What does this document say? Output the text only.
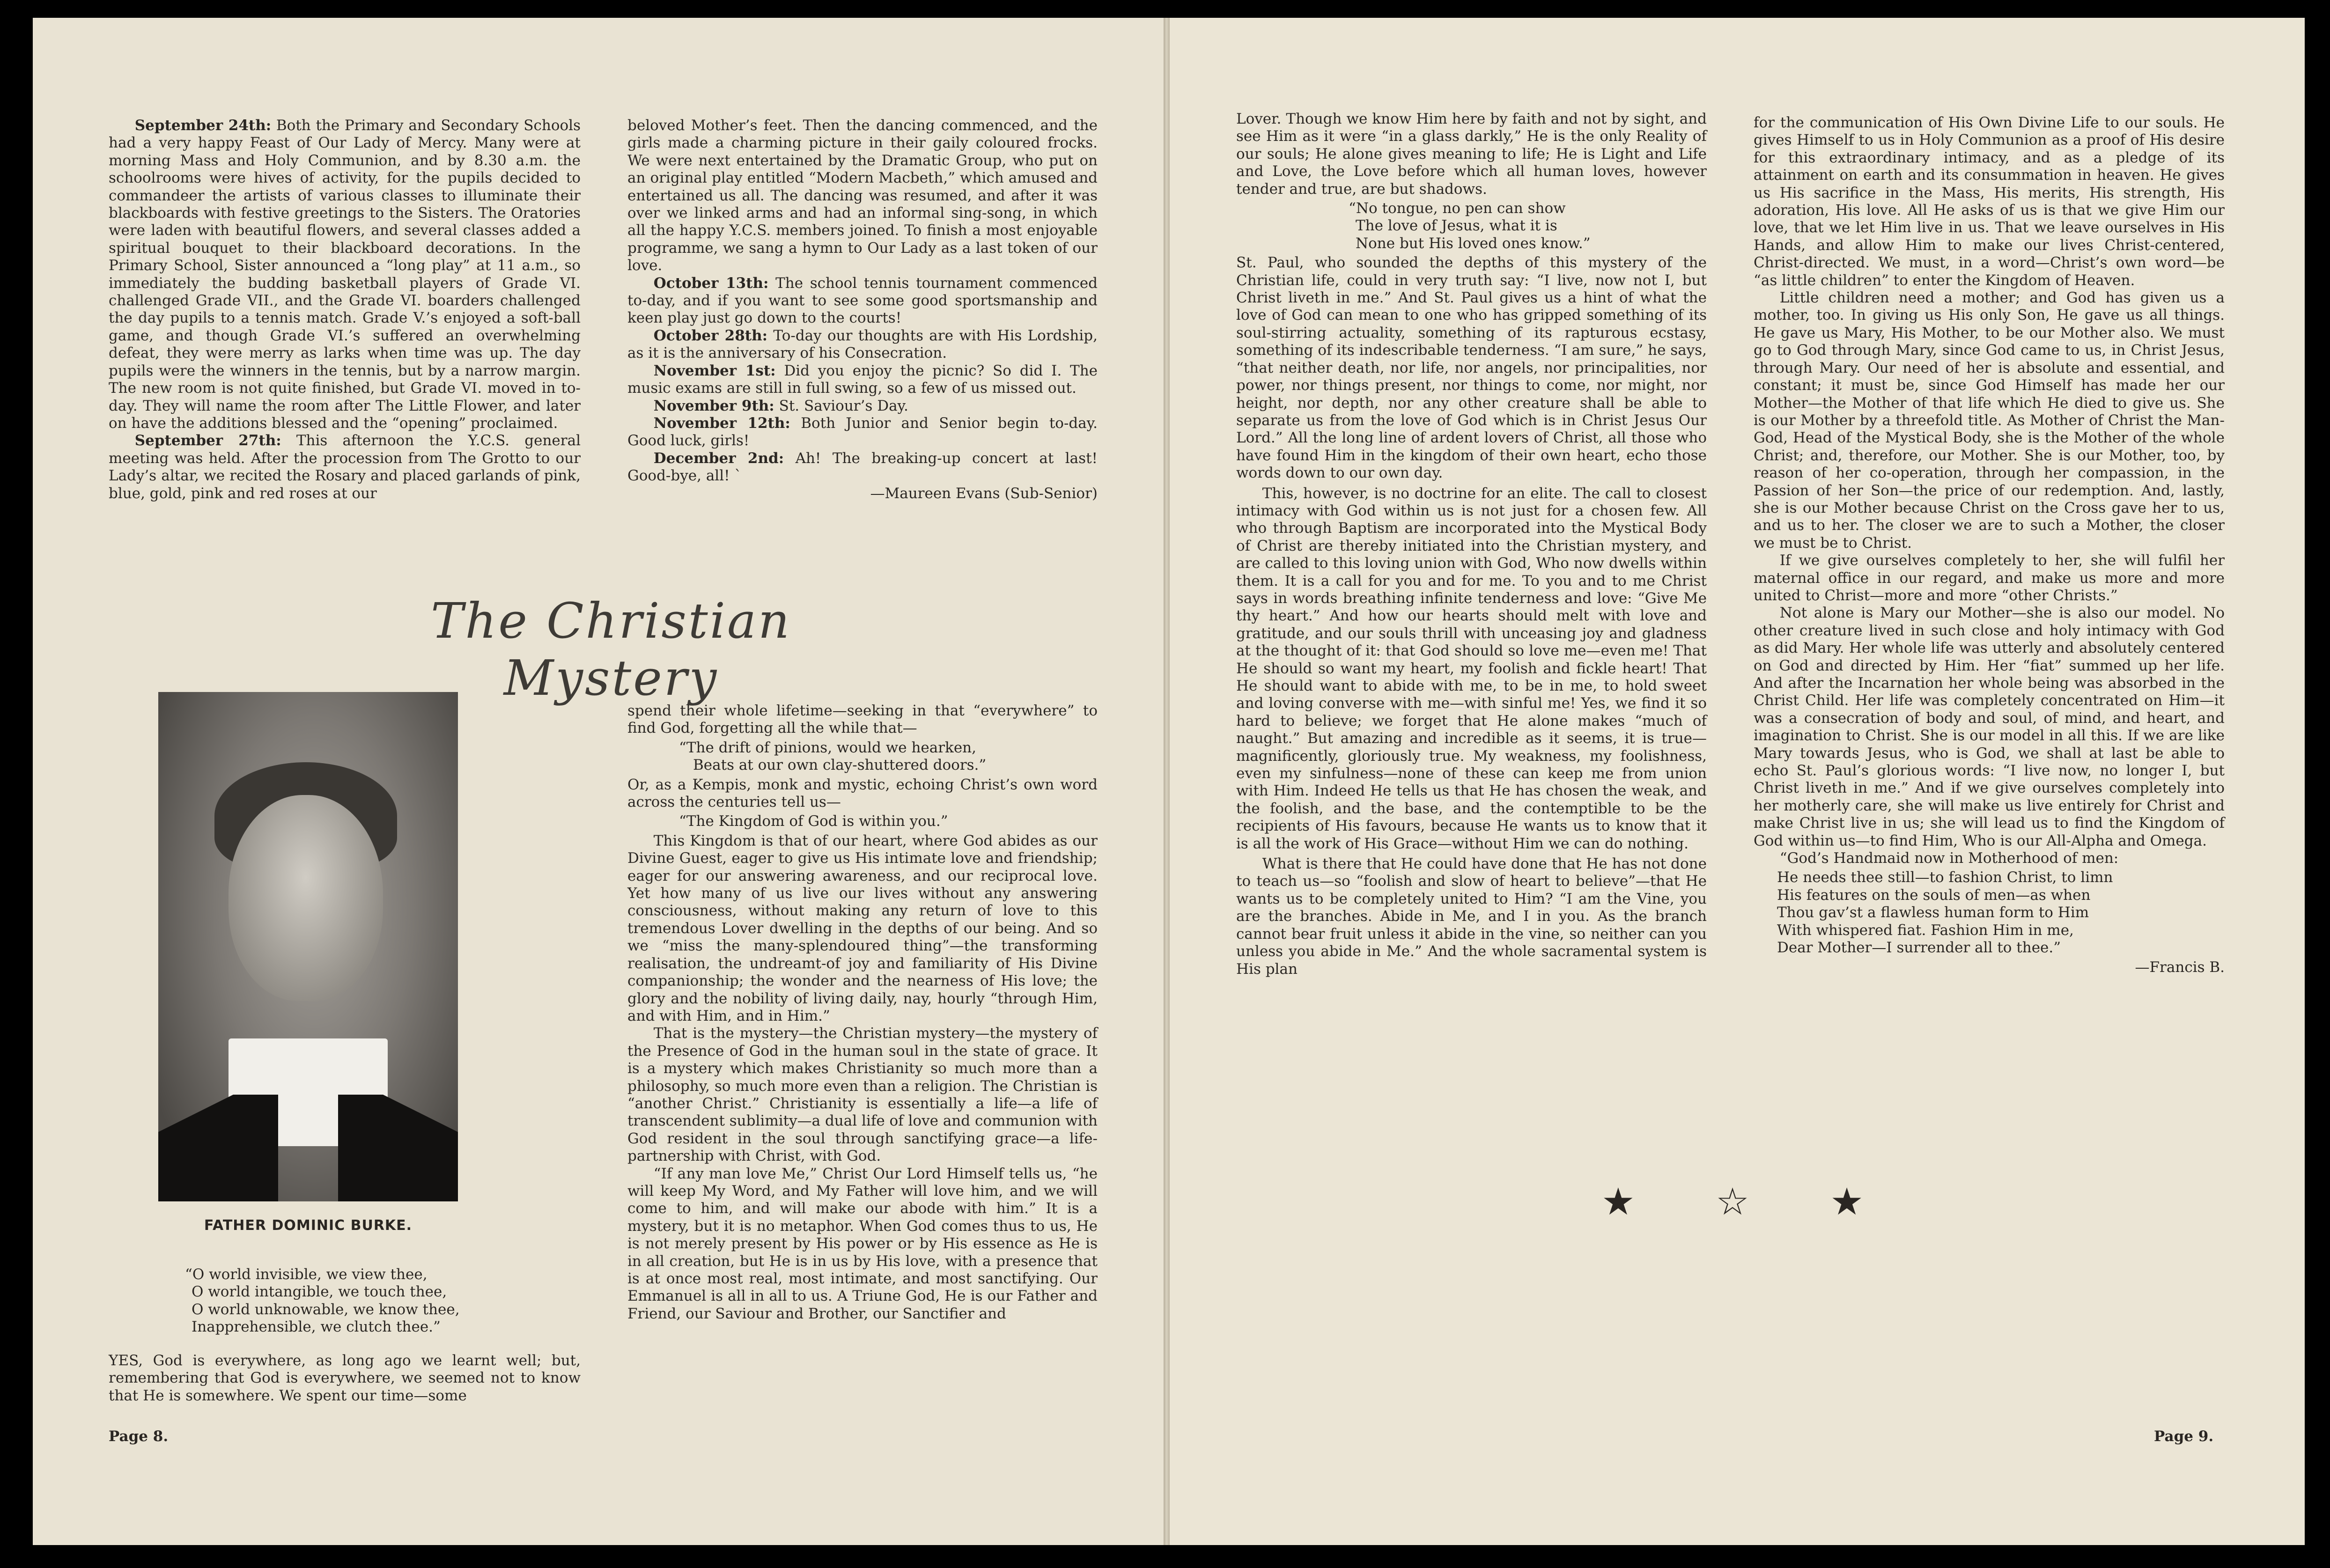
September 24th: Both the Primary and Secondary Schools had a very happy Feast of Our Lady of Mercy. Many were at morning Mass and Holy Communion, and by 8.30 a.m. the schoolrooms were hives of activity, for the pupils decided to commandeer the artists of various classes to illuminate their blackboards with festive greetings to the Sisters. The Oratories were laden with beautiful flowers, and several classes added a spiritual bouquet to their blackboard decorations. In the Primary School, Sister announced a “long play” at 11 a.m., so immediately the budding basketball players of Grade VI. challenged Grade VII., and the Grade VI. boarders challenged the day pupils to a tennis match. Grade V.’s enjoyed a soft-ball game, and though Grade VI.’s suffered an overwhelming defeat, they were merry as larks when time was up. The day pupils were the winners in the tennis, but by a narrow margin. The new room is not quite finished, but Grade VI. moved in to-day. They will name the room after The Little Flower, and later on have the additions blessed and the “opening” proclaimed.

September 27th: This afternoon the Y.C.S. general meeting was held. After the procession from The Grotto to our Lady’s altar, we recited the Rosary and placed garlands of pink, blue, gold, pink and red roses at our

beloved Mother’s feet. Then the dancing commenced, and the girls made a charming picture in their gaily coloured frocks. We were next entertained by the Dramatic Group, who put on an original play entitled “Modern Macbeth,” which amused and entertained us all. The dancing was resumed, and after it was over we linked arms and had an informal sing-song, in which all the happy Y.C.S. members joined. To finish a most enjoyable programme, we sang a hymn to Our Lady as a last token of our love.

October 13th: The school tennis tournament commenced to-day, and if you want to see some good sportsmanship and keen play just go down to the courts!

October 28th: To-day our thoughts are with His Lordship, as it is the anniversary of his Consecration.

November 1st: Did you enjoy the picnic? So did I. The music exams are still in full swing, so a few of us missed out.

November 9th: St. Saviour’s Day.

November 12th: Both Junior and Senior begin to-day. Good luck, girls!

December 2nd: Ah! The breaking-up concert at last! Good-bye, all! `

—Maureen Evans (Sub-Senior)

The Christian Mystery
FATHER DOMINIC BURKE.
“O world invisible, we view thee,
O world intangible, we touch thee,
O world unknowable, we know thee,
Inapprehensible, we clutch thee.”

YES, God is everywhere, as long ago we learnt well; but, remembering that God is everywhere, we seemed not to know that He is somewhere. We spent our time—some

spend their whole lifetime—seeking in that “everywhere” to find God, forgetting all the while that—

“The drift of pinions, would we hearken,
Beats at our own clay-shuttered doors.”

Or, as a Kempis, monk and mystic, echoing Christ’s own word across the centuries tell us—

“The Kingdom of God is within you.”

This Kingdom is that of our heart, where God abides as our Divine Guest, eager to give us His intimate love and friendship; eager for our answering awareness, and our reciprocal love. Yet how many of us live our lives without any answering consciousness, without making any return of love to this tremendous Lover dwelling in the depths of our being. And so we “miss the many-splendoured thing”—the transforming realisation, the undreamt-of joy and familiarity of His Divine companionship; the wonder and the nearness of His love; the glory and the nobility of living daily, nay, hourly “through Him, and with Him, and in Him.”

That is the mystery—the Christian mystery—the mystery of the Presence of God in the human soul in the state of grace. It is a mystery which makes Christianity so much more than a philosophy, so much more even than a religion. The Christian is “another Christ.” Christianity is essentially a life—a life of transcendent sublimity—a dual life of love and communion with God resident in the soul through sanctifying grace—a life-partnership with Christ, with God.

“If any man love Me,” Christ Our Lord Himself tells us, “he will keep My Word, and My Father will love him, and we will come to him, and will make our abode with him.” It is a mystery, but it is no metaphor. When God comes thus to us, He is not merely present by His power or by His essence as He is in all creation, but He is in us by His love, with a presence that is at once most real, most intimate, and most sanctifying. Our Emmanuel is all in all to us. A Triune God, He is our Father and Friend, our Saviour and Brother, our Sanctifier and

Page 8.

Lover. Though we know Him here by faith and not by sight, and see Him as it were “in a glass darkly,” He is the only Reality of our souls; He alone gives meaning to life; He is Light and Life and Love, the Love before which all human loves, however tender and true, are but shadows.

“No tongue, no pen can show
The love of Jesus, what it is
None but His loved ones know.”

St. Paul, who sounded the depths of this mystery of the Christian life, could in very truth say: “I live, now not I, but Christ liveth in me.” And St. Paul gives us a hint of what the love of God can mean to one who has gripped something of its soul-stirring actuality, something of its rapturous ecstasy, something of its indescribable tenderness. “I am sure,” he says, “that neither death, nor life, nor angels, nor principalities, nor power, nor things present, nor things to come, nor might, nor height, nor depth, nor any other creature shall be able to separate us from the love of God which is in Christ Jesus Our Lord.” All the long line of ardent lovers of Christ, all those who have found Him in the kingdom of their own heart, echo those words down to our own day.

This, however, is no doctrine for an elite. The call to closest intimacy with God within us is not just for a chosen few. All who through Baptism are incorporated into the Mystical Body of Christ are thereby initiated into the Christian mystery, and are called to this loving union with God, Who now dwells within them. It is a call for you and for me. To you and to me Christ says in words breathing infinite tenderness and love: “Give Me thy heart.” And how our hearts should melt with love and gratitude, and our souls thrill with unceasing joy and gladness at the thought of it: that God should so love me—even me! That He should so want my heart, my foolish and fickle heart! That He should want to abide with me, to be in me, to hold sweet and loving converse with me—with sinful me! Yes, we find it so hard to believe; we forget that He alone makes “much of naught.” But amazing and incredible as it seems, it is true—magnificently, gloriously true. My weakness, my foolishness, even my sinfulness—none of these can keep me from union with Him. Indeed He tells us that He has chosen the weak, and the foolish, and the base, and the contemptible to be the recipients of His favours, because He wants us to know that it is all the work of His Grace—without Him we can do nothing.

What is there that He could have done that He has not done to teach us—so “foolish and slow of heart to believe”—that He wants us to be completely united to Him? “I am the Vine, you are the branches. Abide in Me, and I in you. As the branch cannot bear fruit unless it abide in the vine, so neither can you unless you abide in Me.” And the whole sacramental system is His plan

for the communication of His Own Divine Life to our souls. He gives Himself to us in Holy Communion as a proof of His desire for this extraordinary intimacy, and as a pledge of its attainment on earth and its consummation in heaven. He gives us His sacrifice in the Mass, His merits, His strength, His adoration, His love. All He asks of us is that we give Him our love, that we let Him live in us. That we leave ourselves in His Hands, and allow Him to make our lives Christ-centered, Christ-directed. We must, in a word—Christ’s own word—be “as little children” to enter the Kingdom of Heaven.

Little children need a mother; and God has given us a mother, too. In giving us His only Son, He gave us all things. He gave us Mary, His Mother, to be our Mother also. We must go to God through Mary, since God came to us, in Christ Jesus, through Mary. Our need of her is absolute and essential, and constant; it must be, since God Himself has made her our Mother—the Mother of that life which He died to give us. She is our Mother by a threefold title. As Mother of Christ the Man-God, Head of the Mystical Body, she is the Mother of the whole Christ; and, therefore, our Mother. She is our Mother, too, by reason of her co-operation, through her compassion, in the Passion of her Son—the price of our redemption. And, lastly, she is our Mother because Christ on the Cross gave her to us, and us to her. The closer we are to such a Mother, the closer we must be to Christ.

If we give ourselves completely to her, she will fulfil her maternal office in our regard, and make us more and more united to Christ—more and more “other Christs.”

Not alone is Mary our Mother—she is also our model. No other creature lived in such close and holy intimacy with God as did Mary. Her whole life was utterly and absolutely centered on God and directed by Him. Her “fiat” summed up her life. And after the Incarnation her whole being was absorbed in the Christ Child. Her life was completely concentrated on Him—it was a consecration of body and soul, of mind, and heart, and imagination to Christ. She is our model in all this. If we are like Mary towards Jesus, who is God, we shall at last be able to echo St. Paul’s glorious words: “I live now, no longer I, but Christ liveth in me.” And if we give ourselves completely into her motherly care, she will make us live entirely for Christ and make Christ live in us; she will lead us to find the Kingdom of God within us—to find Him, Who is our All-Alpha and Omega.

“God’s Handmaid now in Motherhood of men:

He needs thee still—to fashion Christ, to limn
His features on the souls of men—as when
Thou gav’st a flawless human form to Him
With whispered fiat. Fashion Him in me,
Dear Mother—I surrender all to thee.”

—Francis B.

★ ☆ ★
Page 9.
